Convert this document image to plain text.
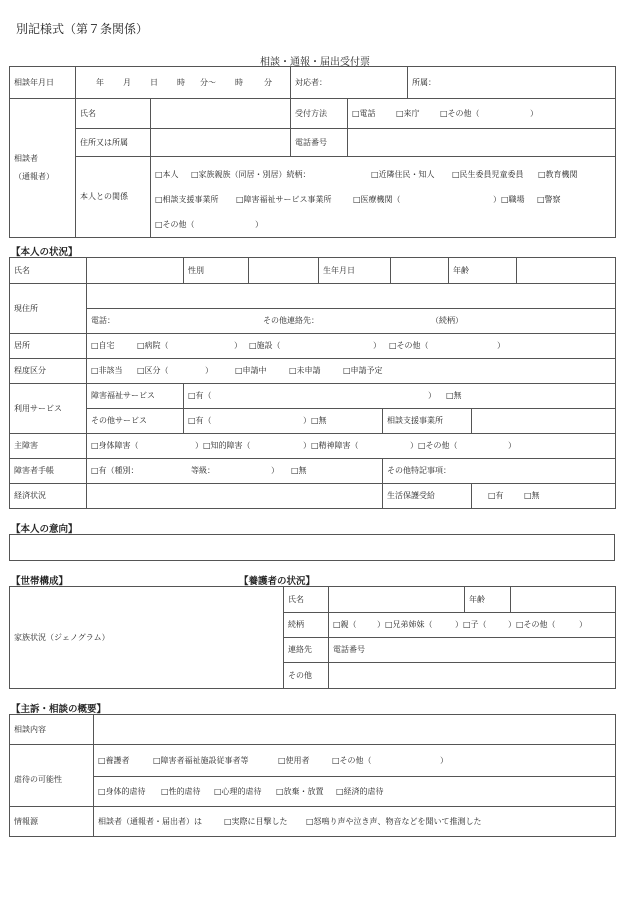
別記様式（第７条関係）
相談・通報・届出受付票
相談年月日	年 月 日 時 分～ 時 分		対応者：		所属：

相談者
（通報者）	氏名		受付方法	□電話 □来庁 □その他（ ）	
	住所又は所属		電話番号		
	本人との関係	□本人 □家族親族（同居・別居）続柄： □近隣住民・知人 □民生委員児童委員 □教育機関
□相談支援事業所 □障害福祉サービス事業所 □医療機関（ ）□職場 □警察
□その他（ ）			
【本人の状況】
氏名		性別		生年月日			年齢		
現住所									
	電話： その他連絡先： （続柄）								
居所	□自宅 □病院（ ） □施設（ ） □その他（ ）								
程度区分	□非該当 □区分（ ） □申請中 □未申請 □申請予定								
利用サービス	障害福祉サービス	□有（ ） □無							
	その他サービス	□有（ ）□無			相談支援事業所				
主障害	□身体障害（ ）□知的障害（ ）□精神障害（ ）□その他（ ）								
障害者手帳	□有（種別： 等級： ） □無				その他特記事項：				
経済状況					生活保護受給			□有 □無	
【本人の意向】
【世帯構成】	【養護者の状況】
家族状況（ジェノグラム）	氏名		年齢	
	続柄	□親（ ）□兄弟姉妹（ ）□子（ ）□その他（ ）		
	連絡先	電話番号		
	その他			
【主訴・相談の概要】
相談内容	
虐待の可能性	□養護者 □障害者福祉施設従事者等 □使用者 □その他（ ）
	□身体的虐待 □性的虐待 □心理的虐待 □放棄・放置 □経済的虐待
情報源	相談者（通報者・届出者）は □実際に目撃した □怒鳴り声や泣き声、物音などを聞いて推測した
